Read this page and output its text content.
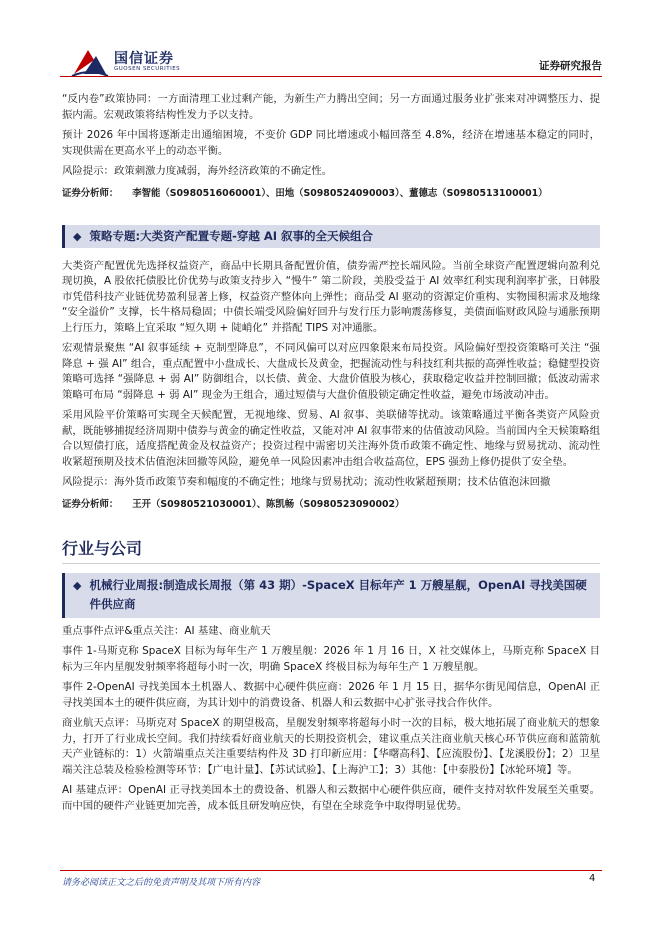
国信证券
GUOSEN SECURITIES	证券研究报告

“反内卷”政策协同：一方面清理工业过剩产能，为新生产力腾出空间；另一方面通过服务业扩张来对冲调整压力、提振内需。宏观政策将结构性发力予以支持。

预计 2026 年中国将逐渐走出通缩困境，不变价 GDP 同比增速或小幅回落至 4.8%，经济在增速基本稳定的同时，实现供需在更高水平上的动态平衡。

风险提示：政策刺激力度减弱，海外经济政策的不确定性。

证券分析师： 李智能（S0980516060001）、田地（S0980524090003）、董德志（S0980513100001）
◆ 策略专题:大类资产配置专题-穿越 AI 叙事的全天候组合

大类资产配置优先选择权益资产，商品中长期具备配置价值，债券需严控长端风险。当前全球资产配置逻辑向盈利兑现切换，A 股依托债股比价优势与政策支持步入 “慢牛” 第二阶段，美股受益于 AI 效率红利实现利润率扩张，日韩股市凭借科技产业链优势盈利显著上修，权益资产整体向上弹性；商品受 AI 驱动的资源定价重构、实物囤积需求及地缘 “安全溢价” 支撑，长牛格局稳固；中债长端受风险偏好回升与发行压力影响震荡修复，美债面临财政风险与通胀预期上行压力，策略上宜采取 “短久期 + 陡峭化” 并搭配 TIPS 对冲通胀。

宏观情景聚焦 “AI 叙事延续 + 克制型降息”，不同风偏可以对应四象限来布局投资。风险偏好型投资策略可关注 “强降息 + 强 AI” 组合，重点配置中小盘成长、大盘成长及黄金，把握流动性与科技红利共振的高弹性收益；稳健型投资策略可选择 “强降息 + 弱 AI” 防御组合，以长债、黄金、大盘价值股为核心，获取稳定收益并控制回撤；低波动需求策略可布局 “弱降息 + 弱 AI” 现金为王组合，通过短债与大盘价值股锁定确定性收益，避免市场波动冲击。

采用风险平价策略可实现全天候配置，无视地缘、贸易、AI 叙事、美联储等扰动。该策略通过平衡各类资产风险贡献，既能够捕捉经济周期中债券与黄金的确定性收益，又能对冲 AI 叙事带来的估值波动风险。当前国内全天候策略组合以短债打底，适度搭配黄金及权益资产；投资过程中需密切关注海外货币政策不确定性、地缘与贸易扰动、流动性收紧超预期及技术估值泡沫回撤等风险，避免单一风险因素冲击组合收益高位，EPS 强劲上修仍提供了安全垫。

风险提示：海外货币政策节奏和幅度的不确定性；地缘与贸易扰动；流动性收紧超预期；技术估值泡沫回撤

证券分析师： 王开（S0980521030001）、陈凯畅（S0980523090002）
行业与公司
◆ 机械行业周报:制造成长周报（第 43 期）-SpaceX 目标年产 1 万艘星舰，OpenAI 寻找美国硬件供应商

重点事件点评&重点关注：AI 基建、商业航天

事件 1-马斯克称 SpaceX 目标为每年生产 1 万艘星舰：2026 年 1 月 16 日，X 社交媒体上，马斯克称 SpaceX 目标为三年内星舰发射频率将超每小时一次，明确 SpaceX 终极目标为每年生产 1 万艘星舰。

事件 2-OpenAI 寻找美国本土机器人、数据中心硬件供应商：2026 年 1 月 15 日，据华尔街见闻信息，OpenAI 正寻找美国本土的硬件供应商，为其计划中的消费设备、机器人和云数据中心扩张寻找合作伙伴。

商业航天点评：马斯克对 SpaceX 的期望极高，星舰发射频率将超每小时一次的目标，极大地拓展了商业航天的想象力，打开了行业成长空间。我们持续看好商业航天的长期投资机会，建议重点关注商业航天核心环节供应商和蓝箭航天产业链标的：1）火箭端重点关注重要结构件及 3D 打印新应用：【华曙高科】、【应流股份】、【龙溪股份】；2）卫星端关注总装及检验检测等环节：【广电计量】、【苏试试验】、【上海沪工】；3）其他：【中泰股份】【冰轮环境】等。

AI 基建点评：OpenAI 正寻找美国本土的费设备、机器人和云数据中心硬件供应商，硬件支持对软件发展至关重要。而中国的硬件产业链更加完善，成本低且研发响应快，有望在全球竞争中取得明显优势。

请务必阅读正文之后的免责声明及其项下所有内容	4
